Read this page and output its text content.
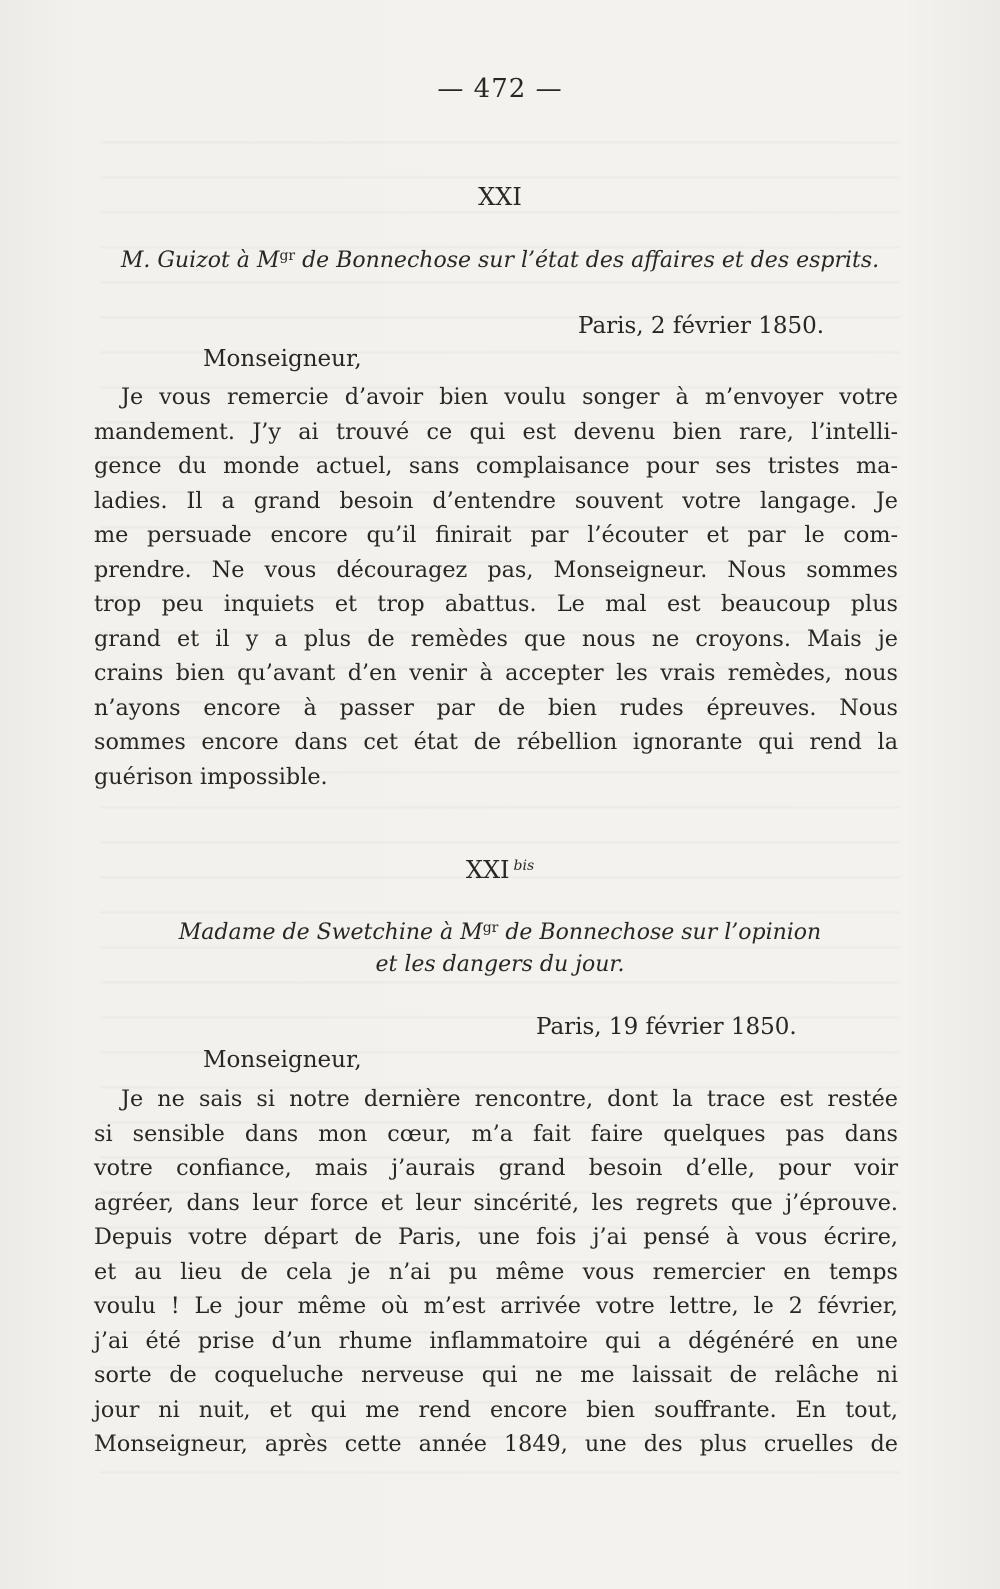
— 472 —
XXI
M. Guizot à $M^{gr}$ de Bonnechose sur l’état des affaires et des esprits.
Paris, 2 février 1850.
Monseigneur,
Je vous remercie d’avoir bien voulu songer à m’envoyer votre
mandement. J’y ai trouvé ce qui est devenu bien rare, l’intelli-
gence du monde actuel, sans complaisance pour ses tristes ma-
ladies. Il a grand besoin d’entendre souvent votre langage. Je
me persuade encore qu’il finirait par l’écouter et par le com-
prendre. Ne vous découragez pas, Monseigneur. Nous sommes
trop peu inquiets et trop abattus. Le mal est beaucoup plus
grand et il y a plus de remèdes que nous ne croyons. Mais je
crains bien qu’avant d’en venir à accepter les vrais remèdes, nous
n’ayons encore à passer par de bien rudes épreuves. Nous
sommes encore dans cet état de rébellion ignorante qui rend la
guérison impossible.
XXI $^{bis}$
Madame de Swetchine à $M^{gr}$ de Bonnechose sur l’opinion
et les dangers du jour.
Paris, 19 février 1850.
Monseigneur,
Je ne sais si notre dernière rencontre, dont la trace est restée
si sensible dans mon cœur, m’a fait faire quelques pas dans
votre confiance, mais j’aurais grand besoin d’elle, pour voir
agréer, dans leur force et leur sincérité, les regrets que j’éprouve.
Depuis votre départ de Paris, une fois j’ai pensé à vous écrire,
et au lieu de cela je n’ai pu même vous remercier en temps
voulu ! Le jour même où m’est arrivée votre lettre, le 2 février,
j’ai été prise d’un rhume inflammatoire qui a dégénéré en une
sorte de coqueluche nerveuse qui ne me laissait de relâche ni
jour ni nuit, et qui me rend encore bien souffrante. En tout,
Monseigneur, après cette année 1849, une des plus cruelles de
